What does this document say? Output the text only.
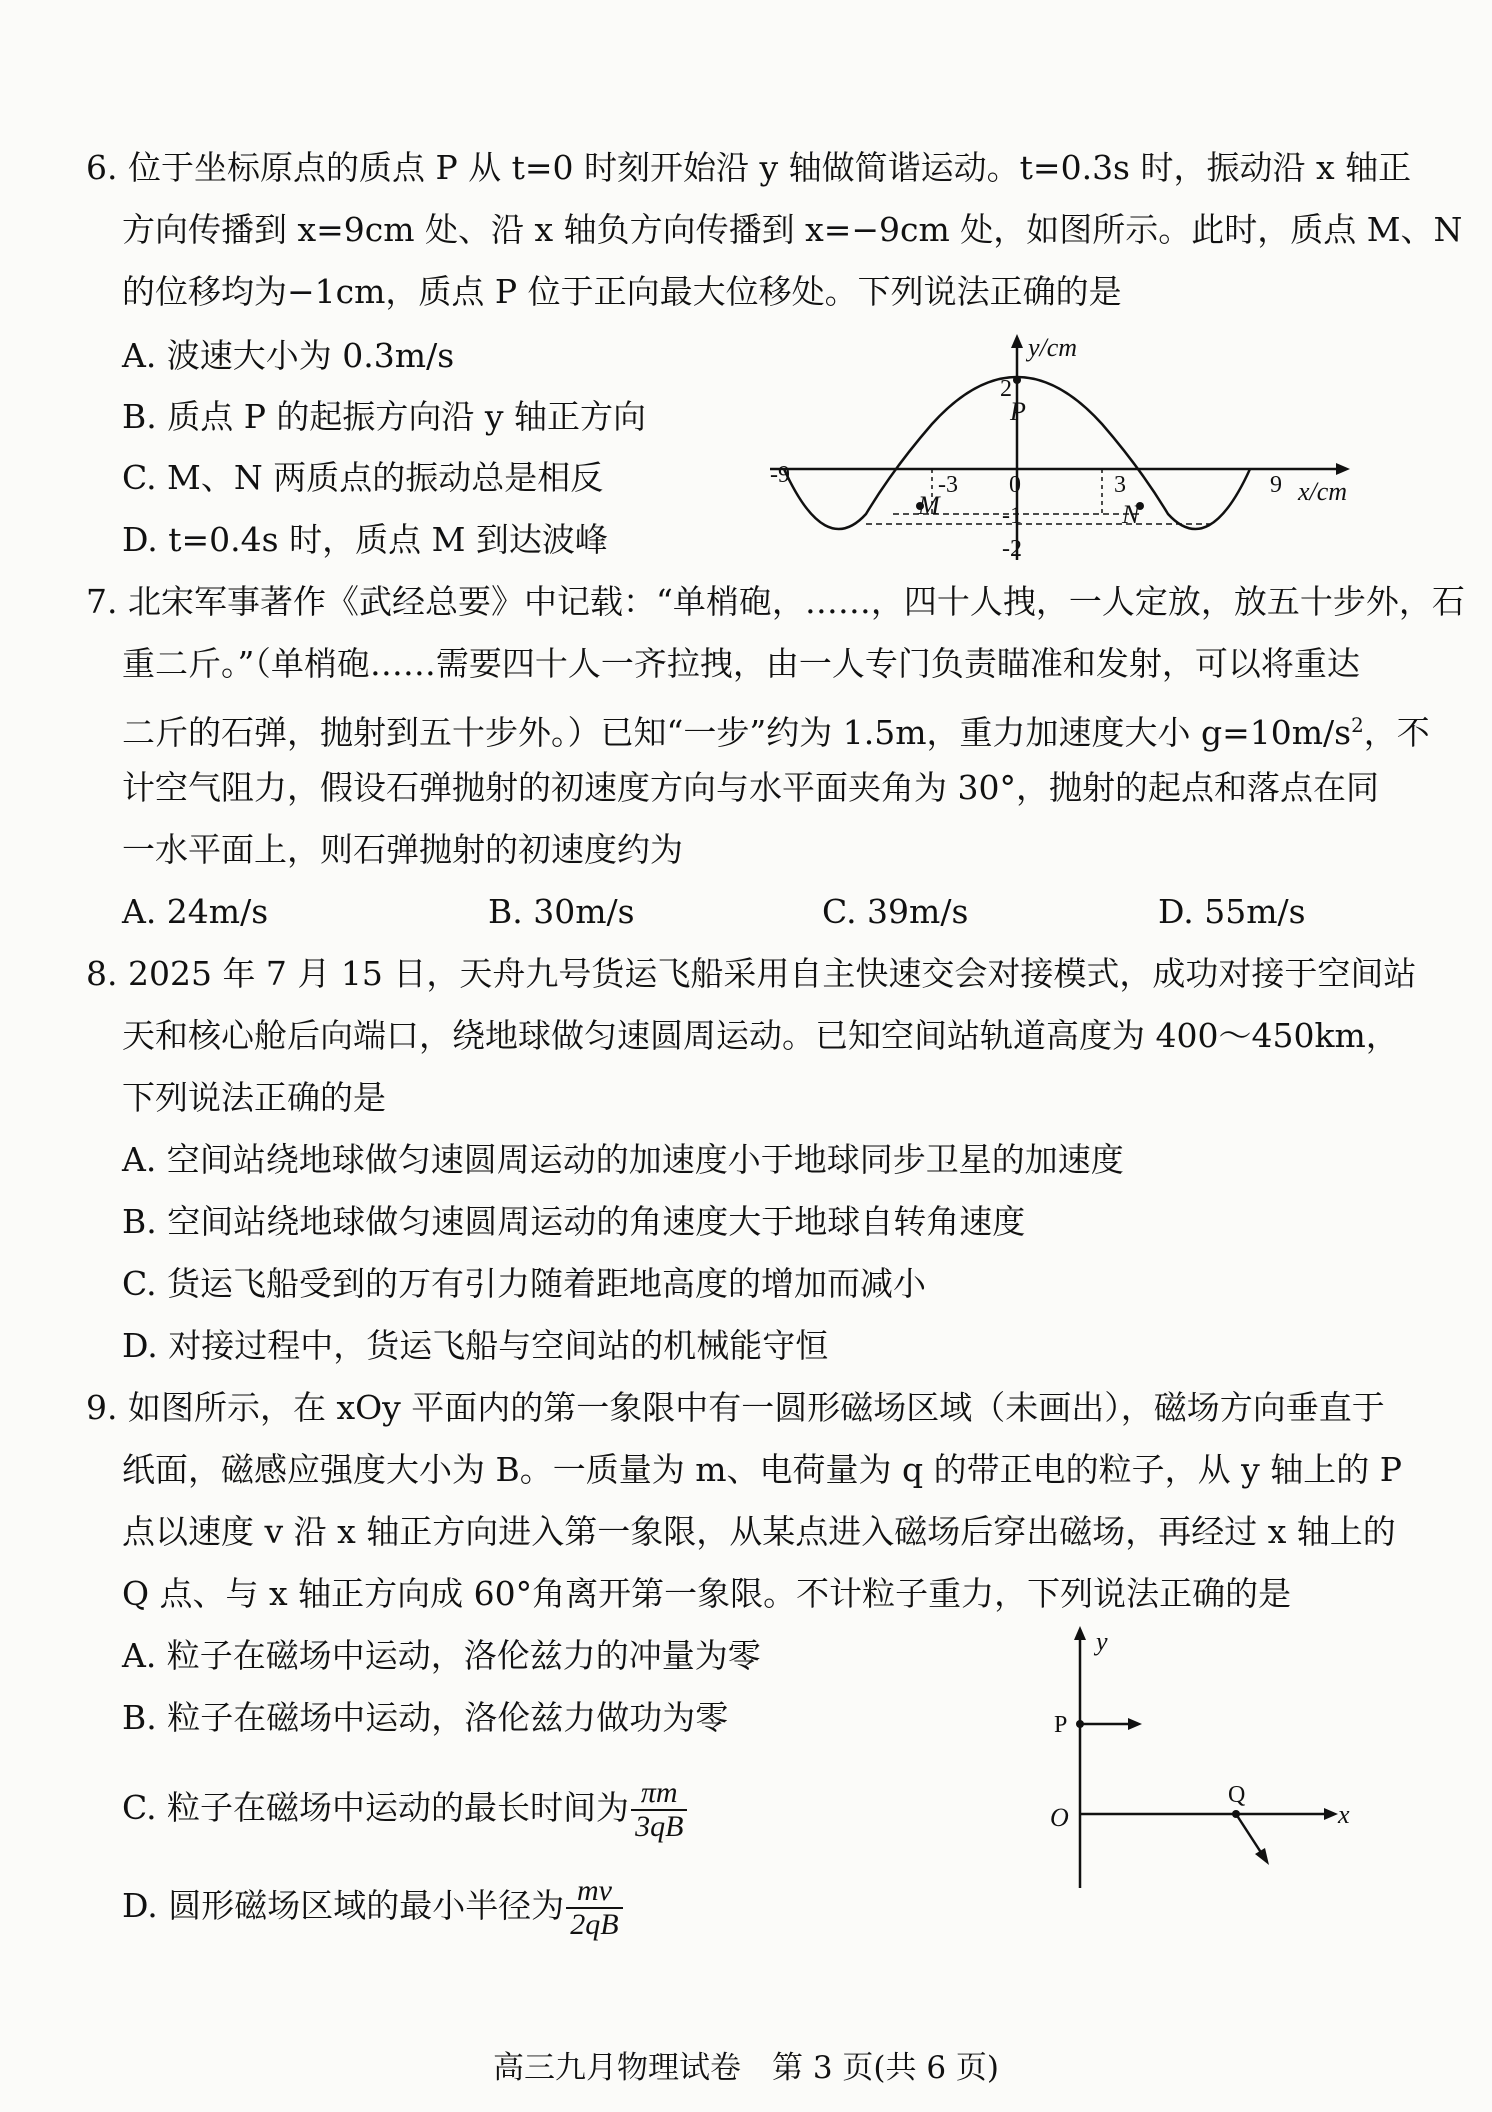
6. 位于坐标原点的质点 P 从 t=0 时刻开始沿 y 轴做简谐运动。t=0.3s 时，振动沿 x 轴正
方向传播到 x=9cm 处、沿 x 轴负方向传播到 x=−9cm 处，如图所示。此时，质点 M、N
的位移均为−1cm，质点 P 位于正向最大位移处。下列说法正确的是
A. 波速大小为 0.3m/s
B. 质点 P 的起振方向沿 y 轴正方向
C. M、N 两质点的振动总是相反
D. t=0.4s 时，质点 M 到达波峰
y/cm
x/cm
-9	-3 0	3	9
2
-1
-2
P
M	N
7. 北宋军事著作《武经总要》中记载：“单梢砲，……，四十人拽，一人定放，放五十步外，石
重二斤。”（单梢砲……需要四十人一齐拉拽，由一人专门负责瞄准和发射，可以将重达
二斤的石弹，抛射到五十步外。）已知“一步”约为 1.5m，重力加速度大小 $g=10m/s^2$，不
计空气阻力，假设石弹抛射的初速度方向与水平面夹角为 30°，抛射的起点和落点在同
一水平面上，则石弹抛射的初速度约为
A. 24m/s	B. 30m/s	C. 39m/s	D. 55m/s
8. 2025 年 7 月 15 日，天舟九号货运飞船采用自主快速交会对接模式，成功对接于空间站
天和核心舱后向端口，绕地球做匀速圆周运动。已知空间站轨道高度为 400～450km，
下列说法正确的是
A. 空间站绕地球做匀速圆周运动的加速度小于地球同步卫星的加速度
B. 空间站绕地球做匀速圆周运动的角速度大于地球自转角速度
C. 货运飞船受到的万有引力随着距地高度的增加而减小
D. 对接过程中，货运飞船与空间站的机械能守恒
9. 如图所示，在 xOy 平面内的第一象限中有一圆形磁场区域（未画出），磁场方向垂直于
纸面，磁感应强度大小为 B。一质量为 m、电荷量为 q 的带正电的粒子，从 y 轴上的 P
点以速度 v 沿 x 轴正方向进入第一象限，从某点进入磁场后穿出磁场，再经过 x 轴上的
Q 点、与 x 轴正方向成 60°角离开第一象限。不计粒子重力，下列说法正确的是
A. 粒子在磁场中运动，洛伦兹力的冲量为零
B. 粒子在磁场中运动，洛伦兹力做功为零
C. 粒子在磁场中运动的最长时间为 $\frac{\pi m}{3qB}$
D. 圆形磁场区域的最小半径为 $\frac{mv}{2qB}$
y
x
O
P
Q
高三九月物理试卷　第 3 页(共 6 页)
